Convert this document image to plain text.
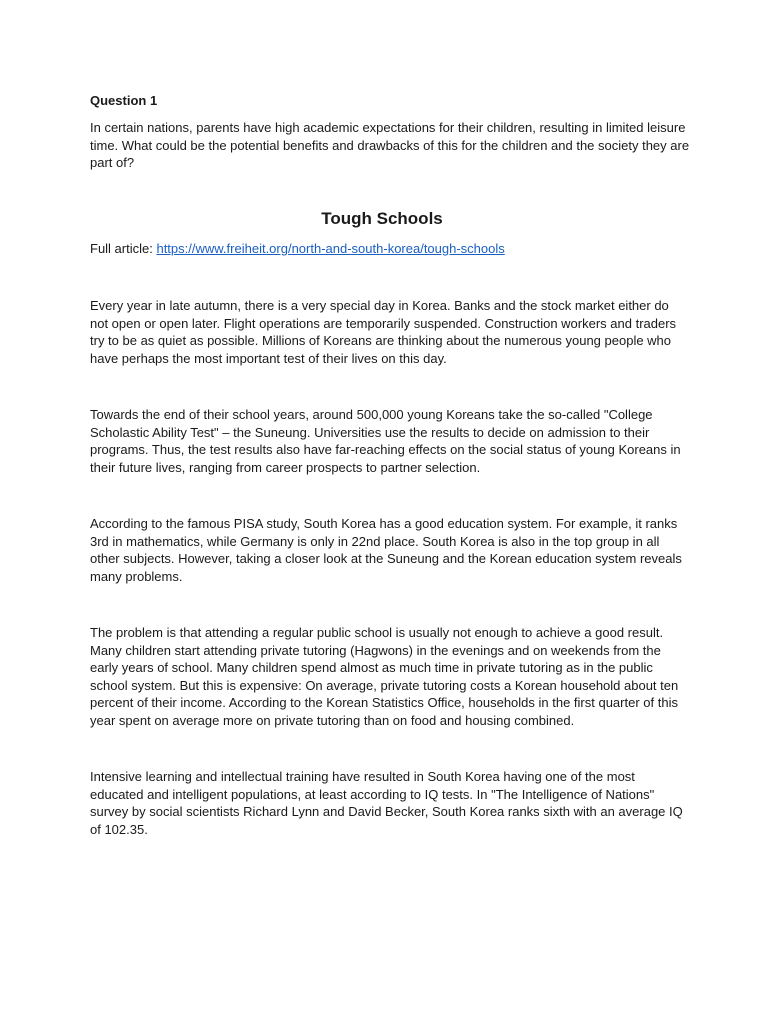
Question 1

In certain nations, parents have high academic expectations for their children, resulting in limited leisure time. What could be the potential benefits and drawbacks of this for the children and the society they are part of?

Tough Schools

Full article: https://www.freiheit.org/north-and-south-korea/tough-schools

Every year in late autumn, there is a very special day in Korea. Banks and the stock market either do not open or open later. Flight operations are temporarily suspended. Construction workers and traders try to be as quiet as possible. Millions of Koreans are thinking about the numerous young people who have perhaps the most important test of their lives on this day.

Towards the end of their school years, around 500,000 young Koreans take the so-called "College Scholastic Ability Test" – the Suneung. Universities use the results to decide on admission to their programs. Thus, the test results also have far-reaching effects on the social status of young Koreans in their future lives, ranging from career prospects to partner selection.

According to the famous PISA study, South Korea has a good education system. For example, it ranks 3rd in mathematics, while Germany is only in 22nd place. South Korea is also in the top group in all other subjects. However, taking a closer look at the Suneung and the Korean education system reveals many problems.

The problem is that attending a regular public school is usually not enough to achieve a good result. Many children start attending private tutoring (Hagwons) in the evenings and on weekends from the early years of school. Many children spend almost as much time in private tutoring as in the public school system. But this is expensive: On average, private tutoring costs a Korean household about ten percent of their income. According to the Korean Statistics Office, households in the first quarter of this year spent on average more on private tutoring than on food and housing combined.

Intensive learning and intellectual training have resulted in South Korea having one of the most educated and intelligent populations, at least according to IQ tests. In "The Intelligence of Nations" survey by social scientists Richard Lynn and David Becker, South Korea ranks sixth with an average IQ of 102.35.
